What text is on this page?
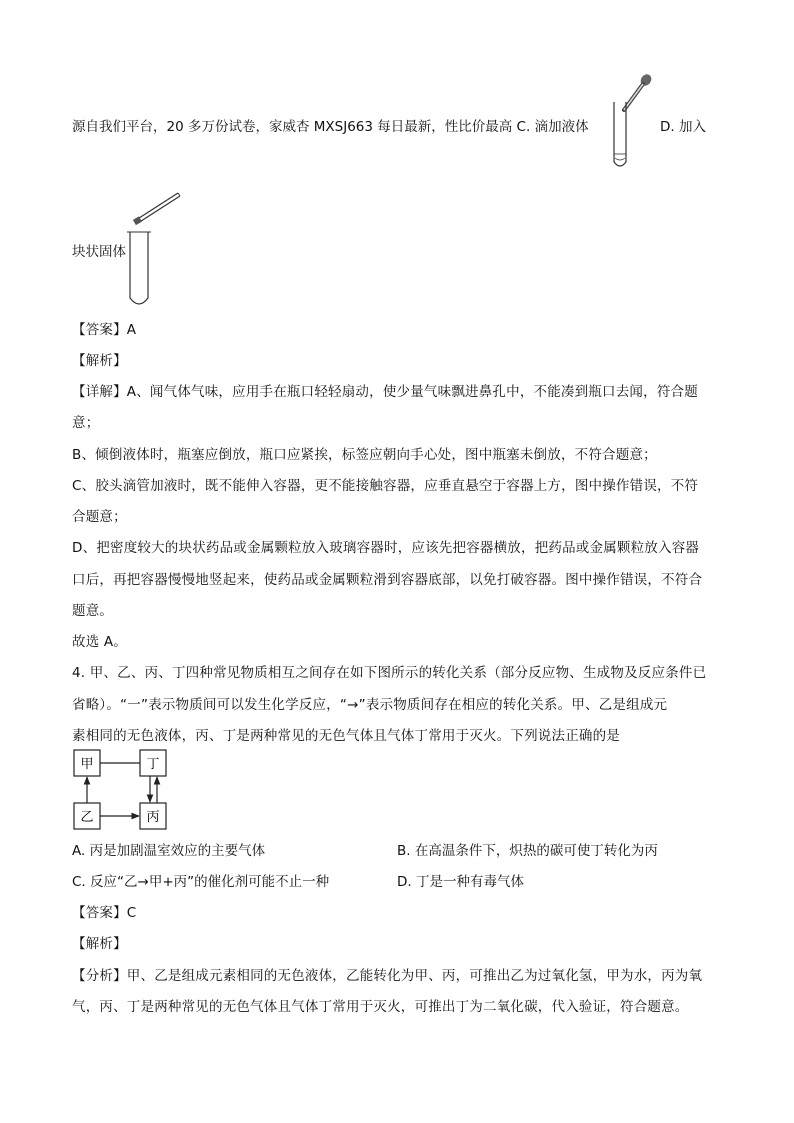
源自我们平台，20 多万份试卷，家威杏 MXSJ663 每日最新，性比价最高 C. 滴加液体	D. 加入
块状固体
【答案】A
【解析】
【详解】A、闻气体气味，应用手在瓶口轻轻扇动，使少量气味飘进鼻孔中，不能凑到瓶口去闻，符合题
意；
B、倾倒液体时，瓶塞应倒放，瓶口应紧挨，标签应朝向手心处，图中瓶塞未倒放，不符合题意；
C、胶头滴管加液时，既不能伸入容器，更不能接触容器，应垂直悬空于容器上方，图中操作错误，不符
合题意；
D、把密度较大的块状药品或金属颗粒放入玻璃容器时，应该先把容器横放，把药品或金属颗粒放入容器
口后，再把容器慢慢地竖起来，使药品或金属颗粒滑到容器底部，以免打破容器。图中操作错误，不符合
题意。
故选 A。
4. 甲、乙、丙、丁四种常见物质相互之间存在如下图所示的转化关系（部分反应物、生成物及反应条件已
省略）。“一”表示物质间可以发生化学反应，“→”表示物质间存在相应的转化关系。甲、乙是组成元
素相同的无色液体，丙、丁是两种常见的无色气体且气体丁常用于灭火。下列说法正确的是
甲	丁
乙	丙
A. 丙是加剧温室效应的主要气体	B. 在高温条件下，炽热的碳可使丁转化为丙
C. 反应“乙→甲+丙”的催化剂可能不止一种	D. 丁是一种有毒气体
【答案】C
【解析】
【分析】甲、乙是组成元素相同的无色液体，乙能转化为甲、丙，可推出乙为过氧化氢，甲为水，丙为氧
气，丙、丁是两种常见的无色气体且气体丁常用于灭火，可推出丁为二氧化碳，代入验证，符合题意。
